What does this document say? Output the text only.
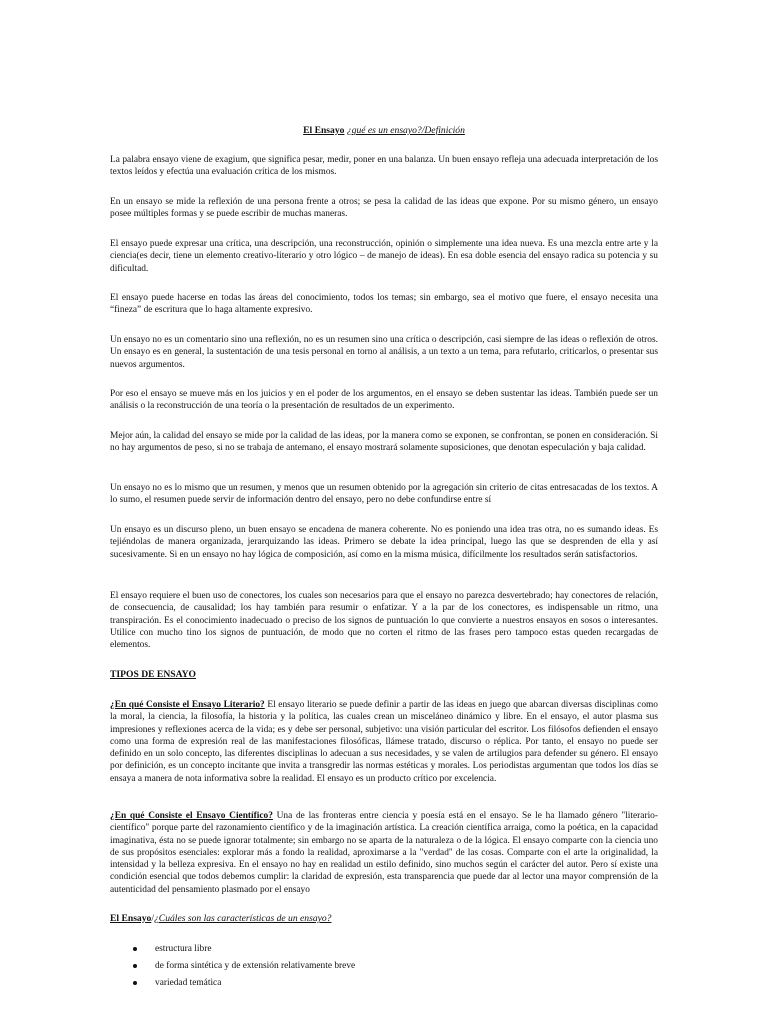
El Ensayo ¿qué es un ensayo?/Definición

La palabra ensayo viene de exagium, que significa pesar, medir, poner en una balanza. Un buen ensayo refleja una adecuada interpretación de los textos leídos y efectúa una evaluación crítica de los mismos.

En un ensayo se mide la reflexión de una persona frente a otros; se pesa la calidad de las ideas que expone. Por su mismo género, un ensayo posee múltiples formas y se puede escribir de muchas maneras.

El ensayo puede expresar una crítica, una descripción, una reconstrucción, opinión o simplemente una idea nueva. Es una mezcla entre arte y la ciencia(es decir, tiene un elemento creativo-literario y otro lógico – de manejo de ideas). En esa doble esencia del ensayo radica su potencia y su dificultad.

El ensayo puede hacerse en todas las áreas del conocimiento, todos los temas; sin embargo, sea el motivo que fuere, el ensayo necesita una “fineza” de escritura que lo haga altamente expresivo.

Un ensayo no es un comentario sino una reflexión, no es un resumen sino una crítica o descripción, casi siempre de las ideas o reflexión de otros. Un ensayo es en general, la sustentación de una tesis personal en torno al análisis, a un texto a un tema, para refutarlo, criticarlos, o presentar sus nuevos argumentos.

Por eso el ensayo se mueve más en los juicios y en el poder de los argumentos, en el ensayo se deben sustentar las ideas. También puede ser un análisis o la reconstrucción de una teoría o la presentación de resultados de un experimento.

Mejor aún, la calidad del ensayo se mide por la calidad de las ideas, por la manera como se exponen, se confrontan, se ponen en consideración. Si no hay argumentos de peso, si no se trabaja de antemano, el ensayo mostrará solamente suposiciones, que denotan especulación y baja calidad.

Un ensayo no es lo mismo que un resumen, y menos que un resumen obtenido por la agregación sin criterio de citas entresacadas de los textos. A lo sumo, el resumen puede servir de información dentro del ensayo, pero no debe confundirse entre sí

Un ensayo es un discurso pleno, un buen ensayo se encadena de manera coherente. No es poniendo una idea tras otra, no es sumando ideas. Es tejiéndolas de manera organizada, jerarquizando las ideas. Primero se debate la idea principal, luego las que se desprenden de ella y así sucesivamente. Si en un ensayo no hay lógica de composición, así como en la misma música, difícilmente los resultados serán satisfactorios.

El ensayo requiere el buen uso de conectores, los cuales son necesarios para que el ensayo no parezca desvertebrado; hay conectores de relación, de consecuencia, de causalidad; los hay también para resumir o enfatizar. Y a la par de los conectores, es indispensable un ritmo, una transpiración. Es el conocimiento inadecuado o preciso de los signos de puntuación lo que convierte a nuestros ensayos en sosos o interesantes. Utilice con mucho tino los signos de puntuación, de modo que no corten el ritmo de las frases pero tampoco estas queden recargadas de elementos.

TIPOS DE ENSAYO

¿En qué Consiste el Ensayo Literario? El ensayo literario se puede definir a partir de las ideas en juego que abarcan diversas disciplinas como la moral, la ciencia, la filosofía, la historia y la política, las cuales crean un misceláneo dinámico y libre. En el ensayo, el autor plasma sus impresiones y reflexiones acerca de la vida; es y debe ser personal, subjetivo: una visión particular del escritor. Los filósofos defienden el ensayo como una forma de expresión real de las manifestaciones filosóficas, llámese tratado, discurso o réplica. Por tanto, el ensayo no puede ser definido en un solo concepto, las diferentes disciplinas lo adecuan a sus necesidades, y se valen de artilugios para defender su género. El ensayo por definición, es un concepto incitante que invita a transgredir las normas estéticas y morales. Los periodistas argumentan que todos los días se ensaya a manera de nota informativa sobre la realidad. El ensayo es un producto crítico por excelencia.

¿En qué Consiste el Ensayo Científico? Una de las fronteras entre ciencia y poesía está en el ensayo. Se le ha llamado género "literario-científico" porque parte del razonamiento científico y de la imaginación artística. La creación científica arraiga, como la poética, en la capacidad imaginativa, ésta no se puede ignorar totalmente; sin embargo no se aparta de la naturaleza o de la lógica. El ensayo comparte con la ciencia uno de sus propósitos esenciales: explorar más a fondo la realidad, aproximarse a la "verdad" de las cosas. Comparte con el arte la originalidad, la intensidad y la belleza expresiva. En el ensayo no hay en realidad un estilo definido, sino muchos según el carácter del autor. Pero sí existe una condición esencial que todos debemos cumplir: la claridad de expresión, esta transparencia que puede dar al lector una mayor comprensión de la autenticidad del pensamiento plasmado por el ensayo

El Ensayo/¿Cuáles son las características de un ensayo?

estructura libre
de forma sintética y de extensión relativamente breve
variedad temática
